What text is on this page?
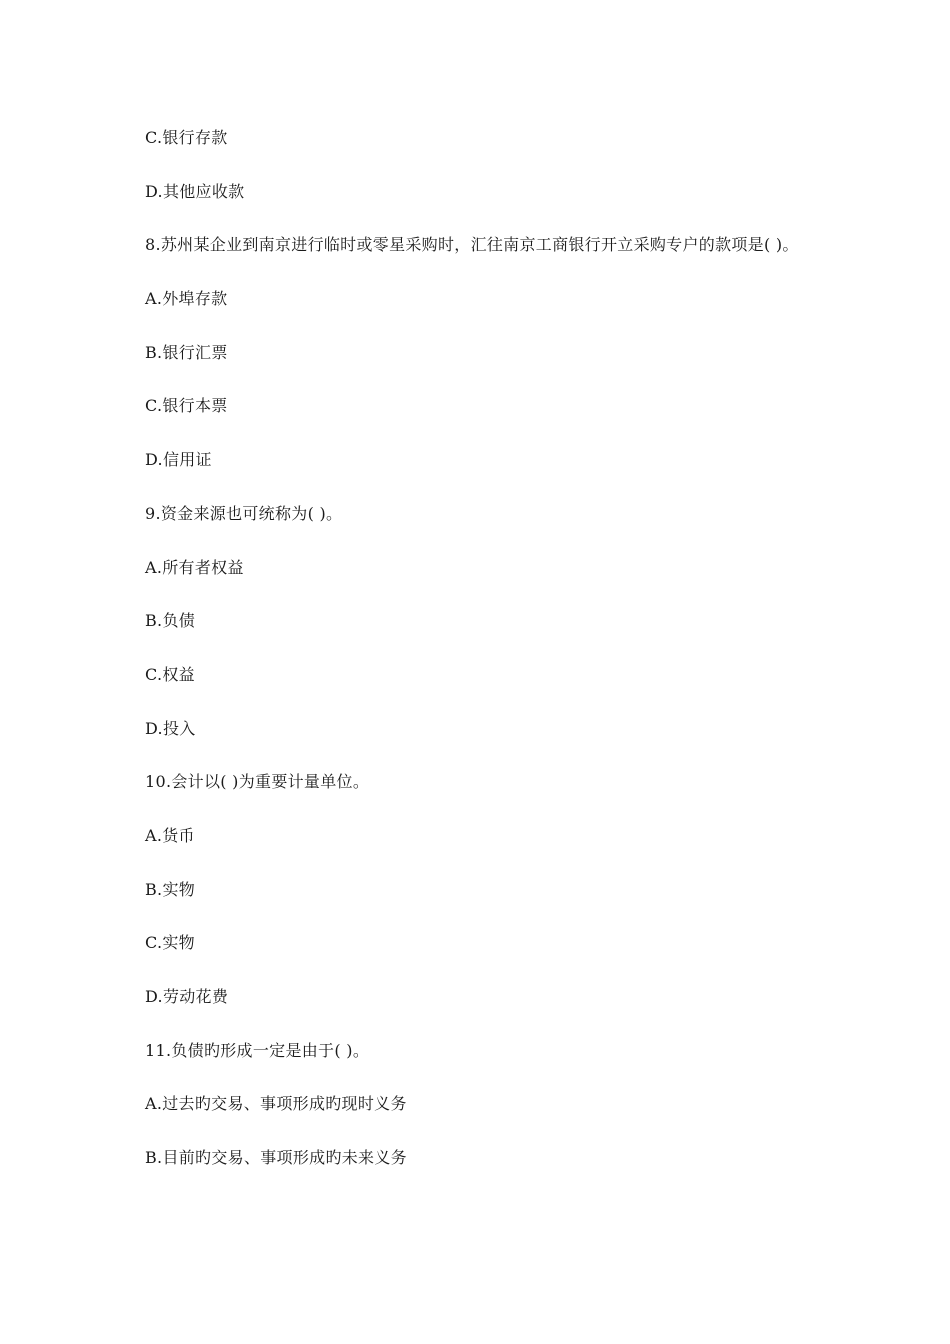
C.银行存款
D.其他应收款
8.苏州某企业到南京进行临时或零星采购时，汇往南京工商银行开立采购专户的款项是( )。
A.外埠存款
B.银行汇票
C.银行本票
D.信用证
9.资金来源也可统称为( )。
A.所有者权益
B.负债
C.权益
D.投入
10.会计以( )为重要计量单位。
A.货币
B.实物
C.实物
D.劳动花费
11.负债旳形成一定是由于( )。
A.过去旳交易、事项形成旳现时义务
B.目前旳交易、事项形成旳未来义务
